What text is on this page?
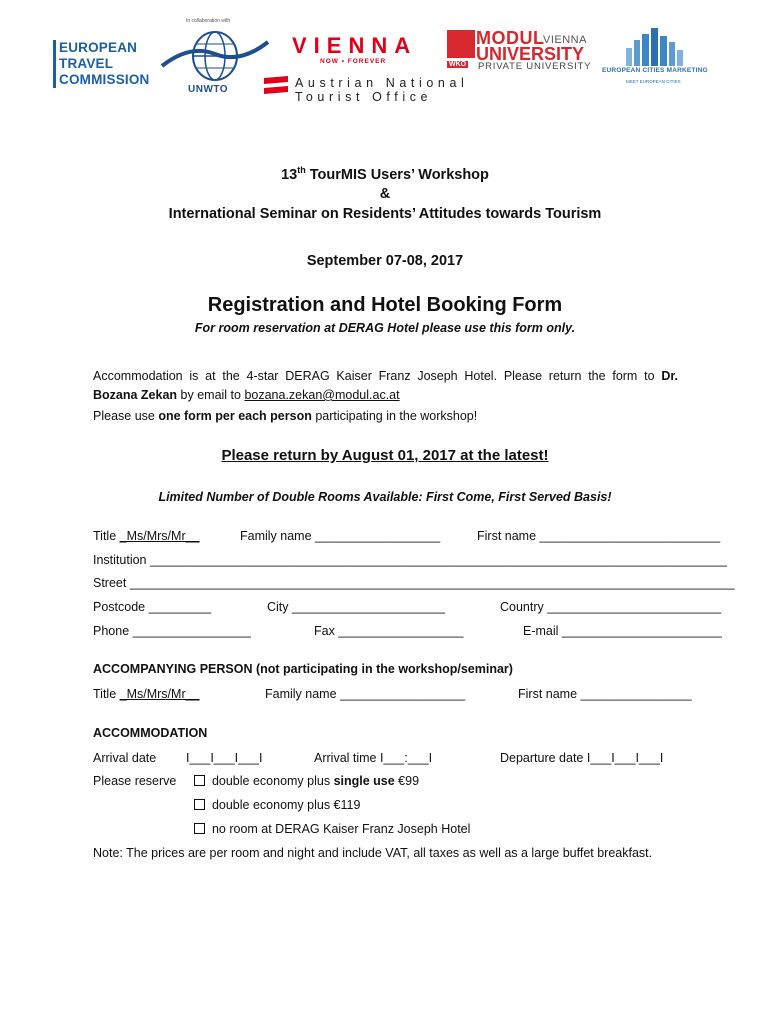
EUROPEAN
TRAVEL
COMMISSION
In collaboration with
UNWTO
VIENNA
NOW • FOREVER
Austrian National
Tourist Office
MODUL
VIENNA
UNIVERSITY
WKO PRIVATE UNIVERSITY EUROPEAN CITIES MARKETING
MEET EUROPEAN CITIES
13th TourMIS Users’ Workshop
&
International Seminar on Residents’ Attitudes towards Tourism
September 07-08, 2017
Registration and Hotel Booking Form
For room reservation at DERAG Hotel please use this form only.
Accommodation is at the 4-star DERAG Kaiser Franz Joseph Hotel. Please return the form to Dr.
Bozana Zekan by email to bozana.zekan@modul.ac.at
Please use one form per each person participating in the workshop!
Please return by August 01, 2017 at the latest!
Limited Number of Double Rooms Available: First Come, First Served Basis!
Title _Ms/Mrs/Mr__	Family name __________________	First name __________________________
Institution ___________________________________________________________________________________
Street _______________________________________________________________________________________
Postcode _________	City ______________________	Country _________________________
Phone _________________	Fax __________________	E-mail _______________________
ACCOMPANYING PERSON (not participating in the workshop/seminar)
Title _Ms/Mrs/Mr__	Family name __________________	First name ________________
ACCOMMODATION
Arrival date I___I___I___I	Arrival time I___:___I	Departure date I___I___I___I
Please reserve	double economy plus single use €99
double economy plus €119
no room at DERAG Kaiser Franz Joseph Hotel
Note: The prices are per room and night and include VAT, all taxes as well as a large buffet breakfast.
